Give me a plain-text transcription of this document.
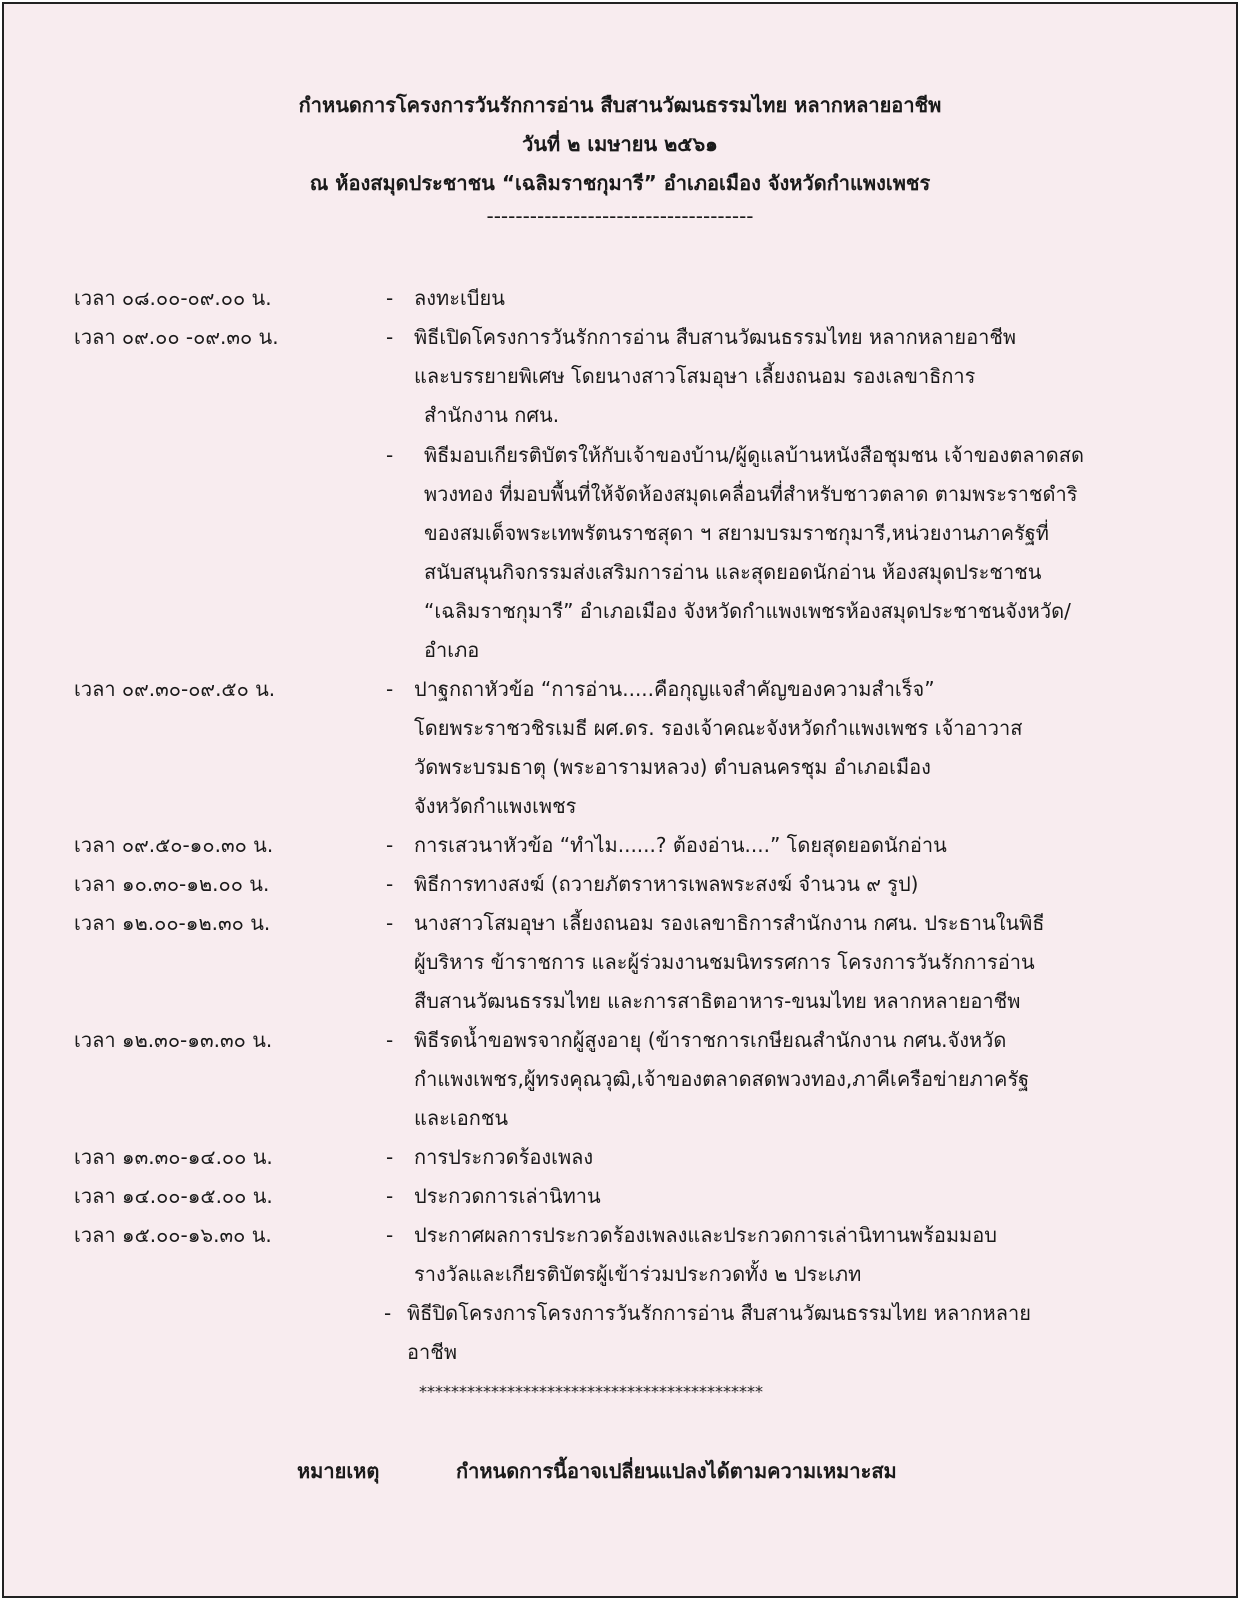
กำหนดการโครงการวันรักการอ่าน สืบสานวัฒนธรรมไทย หลากหลายอาชีพ
วันที่ ๒ เมษายน ๒๕๖๑
ณ ห้องสมุดประชาชน “เฉลิมราชกุมารี” อำเภอเมือง จังหวัดกำแพงเพชร
-------------------------------------
เวลา ๐๘.๐๐-๐๙.๐๐ น.	- ลงทะเบียน
เวลา ๐๙.๐๐ -๐๙.๓๐ น.	- พิธีเปิดโครงการวันรักการอ่าน สืบสานวัฒนธรรมไทย หลากหลายอาชีพ
และบรรยายพิเศษ โดยนางสาวโสมอุษา เลี้ยงถนอม รองเลขาธิการ
สำนักงาน กศน.
- พิธีมอบเกียรติบัตรให้กับเจ้าของบ้าน/ผู้ดูแลบ้านหนังสือชุมชน เจ้าของตลาดสด
พวงทอง ที่มอบพื้นที่ให้จัดห้องสมุดเคลื่อนที่สำหรับชาวตลาด ตามพระราชดำริ
ของสมเด็จพระเทพรัตนราชสุดา ฯ สยามบรมราชกุมารี,หน่วยงานภาครัฐที่
สนับสนุนกิจกรรมส่งเสริมการอ่าน และสุดยอดนักอ่าน ห้องสมุดประชาชน
“เฉลิมราชกุมารี” อำเภอเมือง จังหวัดกำแพงเพชรห้องสมุดประชาชนจังหวัด/
อำเภอ
เวลา ๐๙.๓๐-๐๙.๕๐ น.	- ปาฐกถาหัวข้อ “การอ่าน.....คือกุญแจสำคัญของความสำเร็จ”
โดยพระราชวชิรเมธี ผศ.ดร. รองเจ้าคณะจังหวัดกำแพงเพชร เจ้าอาวาส
วัดพระบรมธาตุ (พระอารามหลวง) ตำบลนครชุม อำเภอเมือง
จังหวัดกำแพงเพชร
เวลา ๐๙.๕๐-๑๐.๓๐ น.	- การเสวนาหัวข้อ “ทำไม......? ต้องอ่าน....” โดยสุดยอดนักอ่าน
เวลา ๑๐.๓๐-๑๒.๐๐ น.	- พิธีการทางสงฆ์ (ถวายภัตราหารเพลพระสงฆ์ จำนวน ๙ รูป)
เวลา ๑๒.๐๐-๑๒.๓๐ น.	- นางสาวโสมอุษา เลี้ยงถนอม รองเลขาธิการสำนักงาน กศน. ประธานในพิธี
ผู้บริหาร ข้าราชการ และผู้ร่วมงานชมนิทรรศการ โครงการวันรักการอ่าน
สืบสานวัฒนธรรมไทย และการสาธิตอาหาร-ขนมไทย หลากหลายอาชีพ
เวลา ๑๒.๓๐-๑๓.๓๐ น.	- พิธีรดน้ำขอพรจากผู้สูงอายุ (ข้าราชการเกษียณสำนักงาน กศน.จังหวัด
กำแพงเพชร,ผู้ทรงคุณวุฒิ,เจ้าของตลาดสดพวงทอง,ภาคีเครือข่ายภาครัฐ
และเอกชน
เวลา ๑๓.๓๐-๑๔.๐๐ น.	- การประกวดร้องเพลง
เวลา ๑๔.๐๐-๑๕.๐๐ น.	- ประกวดการเล่านิทาน
เวลา ๑๕.๐๐-๑๖.๓๐ น.	- ประกาศผลการประกวดร้องเพลงและประกวดการเล่านิทานพร้อมมอบ
รางวัลและเกียรติบัตรผู้เข้าร่วมประกวดทั้ง ๒ ประเภท
- พิธีปิดโครงการโครงการวันรักการอ่าน สืบสานวัฒนธรรมไทย หลากหลาย
อาชีพ
*******************************************
หมายเหตุ	กำหนดการนี้อาจเปลี่ยนแปลงได้ตามความเหมาะสม
